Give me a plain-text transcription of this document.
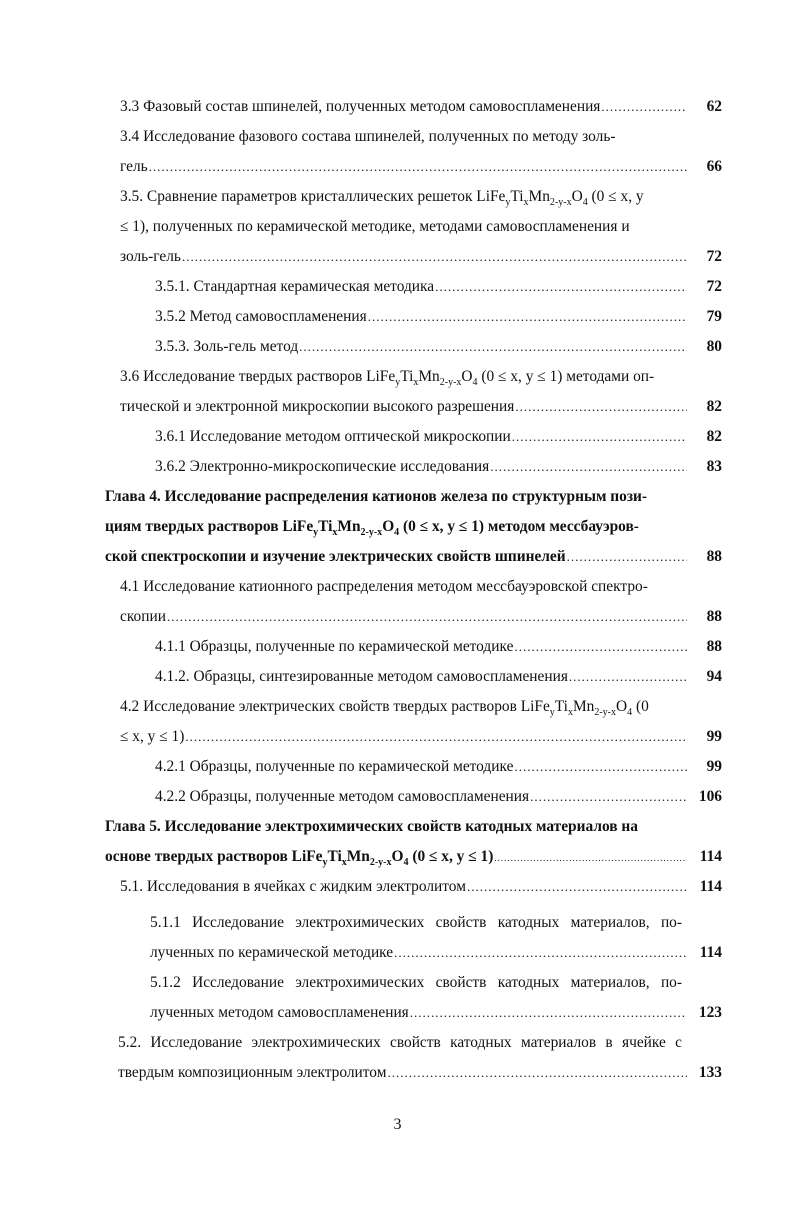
3.3 Фазовый состав шпинелей, полученных методом самовоспламенения .....	62
3.4 Исследование фазового состава шпинелей, полученных по методу золь-
гель .....	66
3.5. Сравнение параметров кристаллических решеток $LiFe_yTi_xMn_{2-y-x}O_4$ (0 ≤ x, y
≤ 1), полученных по керамической методике, методами самовоспламенения и
золь-гель .....	72
3.5.1. Стандартная керамическая методика .....	72
3.5.2 Метод самовоспламенения .....	79
3.5.3. Золь-гель метод .....	80
3.6 Исследование твердых растворов $LiFe_yTi_xMn_{2-y-x}O_4$ (0 ≤ x, y ≤ 1) методами оп-
тической и электронной микроскопии высокого разрешения .....	82
3.6.1 Исследование методом оптической микроскопии .....	82
3.6.2 Электронно-микроскопические исследования .....	83
Глава 4. Исследование распределения катионов железа по структурным пози-
циям твердых растворов $LiFe_yTi_xMn_{2-y-x}O_4$ (0 ≤ x, y ≤ 1) методом мессбауэров-
ской спектроскопии и изучение электрических свойств шпинелей .....	88
4.1 Исследование катионного распределения методом мессбауэровской спектро-
скопии .....	88
4.1.1 Образцы, полученные по керамической методике .....	88
4.1.2. Образцы, синтезированные методом самовоспламенения .....	94
4.2 Исследование электрических свойств твердых растворов $LiFe_yTi_xMn_{2-y-x}O_4$ (0
≤ x, y ≤ 1) .....	99
4.2.1 Образцы, полученные по керамической методике .....	99
4.2.2 Образцы, полученные методом самовоспламенения .....	106
Глава 5. Исследование электрохимических свойств катодных материалов на
основе твердых растворов $LiFe_yTi_xMn_{2-y-x}O_4$ (0 ≤ x, y ≤ 1) .....	114
5.1. Исследования в ячейках с жидким электролитом .....	114
5.1.1 Исследование электрохимических свойств катодных материалов, по-
лученных по керамической методике .....	114
5.1.2 Исследование электрохимических свойств катодных материалов, по-
лученных методом самовоспламенения .....	123
5.2. Исследование электрохимических свойств катодных материалов в ячейке с
твердым композиционным электролитом .....	133
3
